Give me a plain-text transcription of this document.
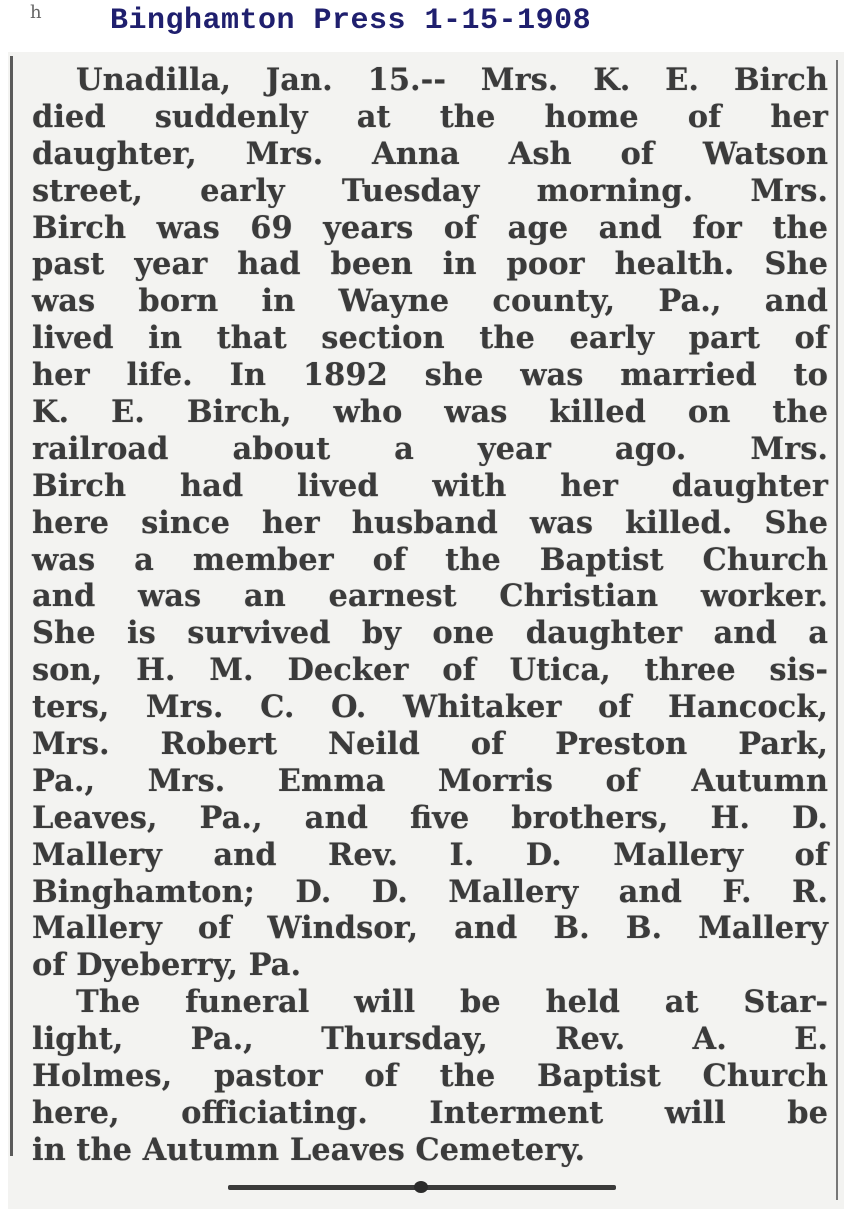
h Binghamton Press 1-15-1908
Unadilla, Jan. 15.-- Mrs. K. E. Birch
died suddenly at the home of her
daughter, Mrs. Anna Ash of Watson
street, early Tuesday morning. Mrs.
Birch was 69 years of age and for the
past year had been in poor health. She
was born in Wayne county, Pa., and
lived in that section the early part of
her life. In 1892 she was married to
K. E. Birch, who was killed on the
railroad about a year ago. Mrs.
Birch had lived with her daughter
here since her husband was killed. She
was a member of the Baptist Church
and was an earnest Christian worker.
She is survived by one daughter and a
son, H. M. Decker of Utica, three sis-
ters, Mrs. C. O. Whitaker of Hancock,
Mrs. Robert Neild of Preston Park,
Pa., Mrs. Emma Morris of Autumn
Leaves, Pa., and five brothers, H. D.
Mallery and Rev. I. D. Mallery of
Binghamton; D. D. Mallery and F. R.
Mallery of Windsor, and B. B. Mallery
of Dyeberry, Pa.
The funeral will be held at Star-
light, Pa., Thursday, Rev. A. E.
Holmes, pastor of the Baptist Church
here, officiating. Interment will be
in the Autumn Leaves Cemetery.
